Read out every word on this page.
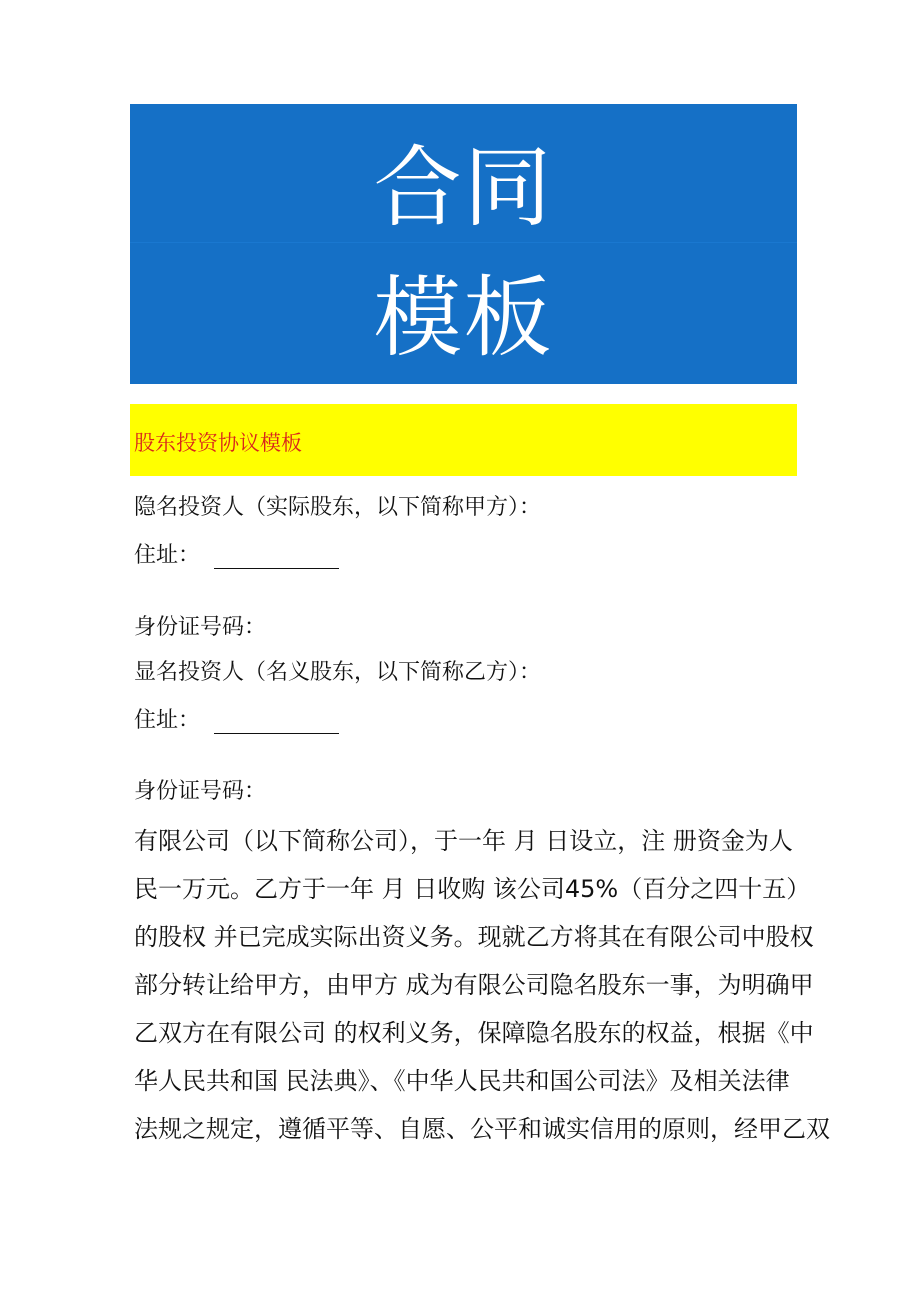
合同
模板
股东投资协议模板
隐名投资人（实际股东，以下简称甲方）：
住址：
身份证号码：
显名投资人（名义股东，以下简称乙方）：
住址：
身份证号码：
有限公司（以下简称公司），于一年 月 日设立，注 册资金为人
民一万元。乙方于一年 月 日收购 该公司45%（百分之四十五）
的股权 并已完成实际出资义务。现就乙方将其在有限公司中股权
部分转让给甲方，由甲方 成为有限公司隐名股东一事，为明确甲
乙双方在有限公司 的权利义务，保障隐名股东的权益，根据《中
华人民共和国 民法典》、《中华人民共和国公司法》及相关法律
法规之规定，遵循平等、自愿、公平和诚实信用的原则，经甲乙双
